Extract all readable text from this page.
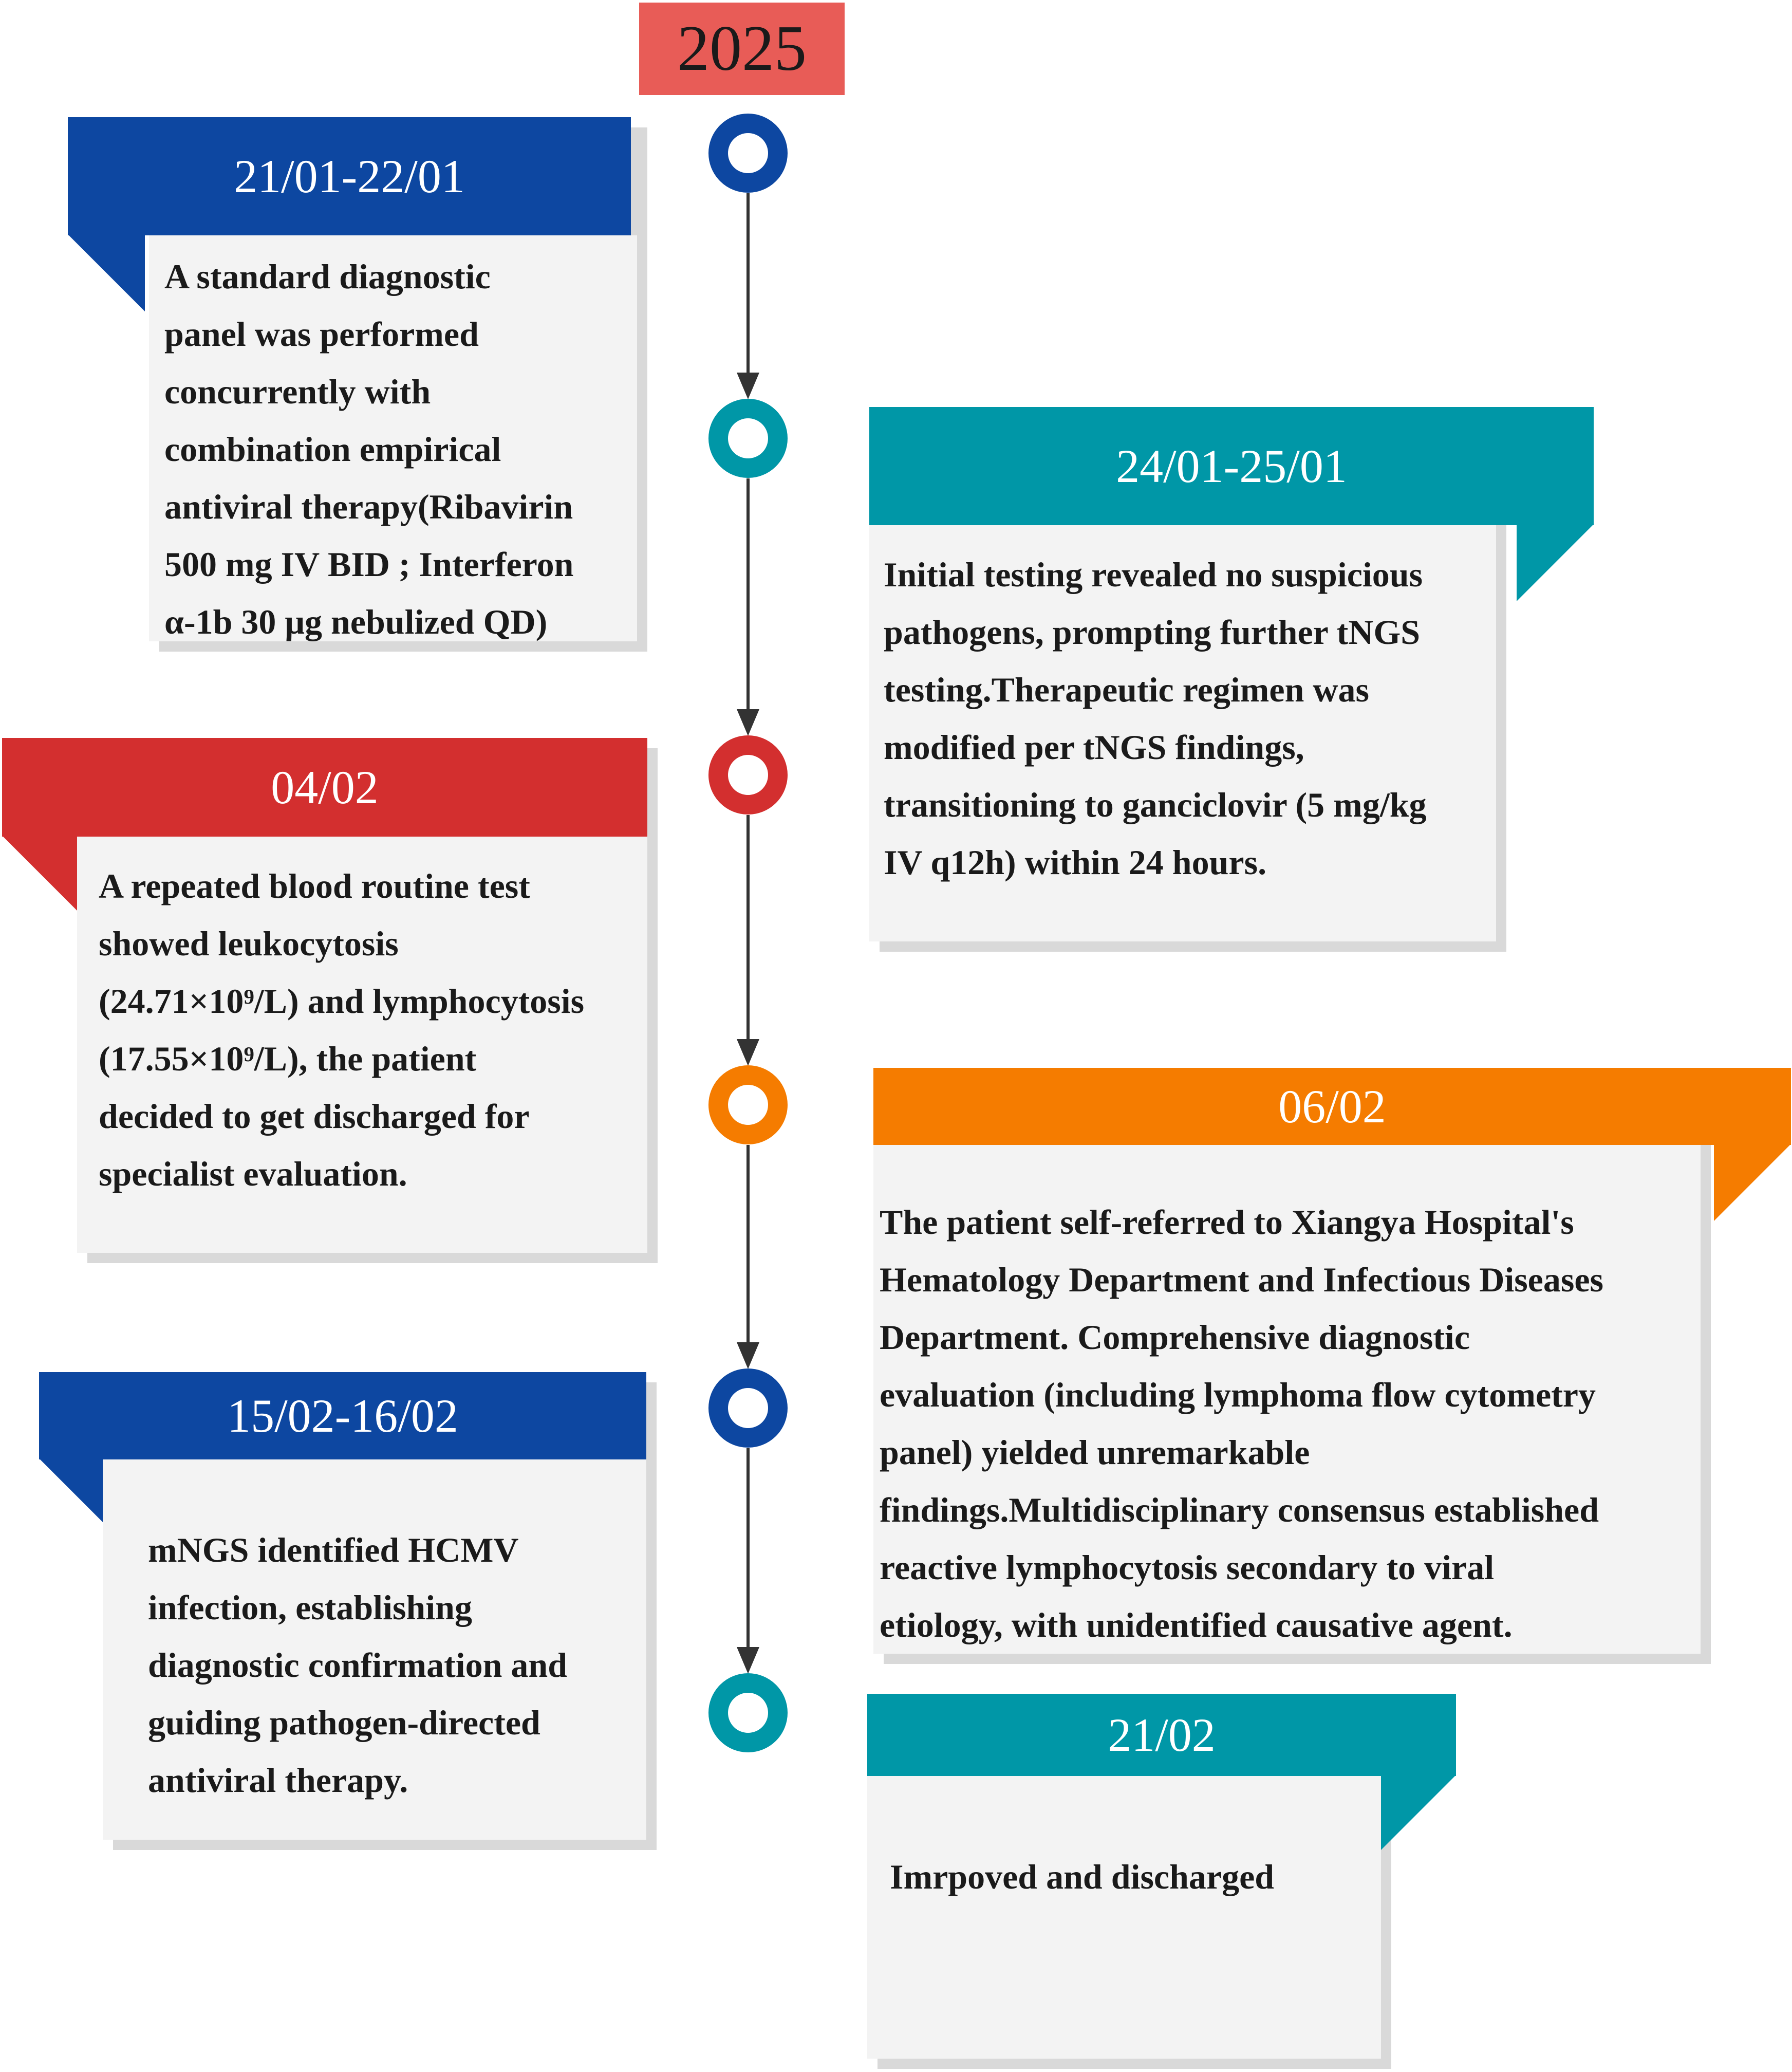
2025
A standard diagnostic
panel was performed
concurrently with
combination empirical
antiviral therapy(Ribavirin
500 mg IV BID ; Interferon
α-1b 30 μg nebulized QD)
21/01-22/01
Initial testing revealed no suspicious
pathogens, prompting further tNGS
testing.Therapeutic regimen was
modified per tNGS findings,
transitioning to ganciclovir (5 mg/kg
IV q12h) within 24 hours.
24/01-25/01
A repeated blood routine test
showed leukocytosis
(24.71×10⁹/L) and lymphocytosis
(17.55×10⁹/L), the patient
decided to get discharged for
specialist evaluation.
04/02
The patient self-referred to Xiangya Hospital's
Hematology Department and Infectious Diseases
Department. Comprehensive diagnostic
evaluation (including lymphoma flow cytometry
panel) yielded unremarkable
findings.Multidisciplinary consensus established
reactive lymphocytosis secondary to viral
etiology, with unidentified causative agent.
06/02
mNGS identified HCMV
infection, establishing
diagnostic confirmation and
guiding pathogen-directed
antiviral therapy.
15/02-16/02
Imrpoved and discharged
21/02
